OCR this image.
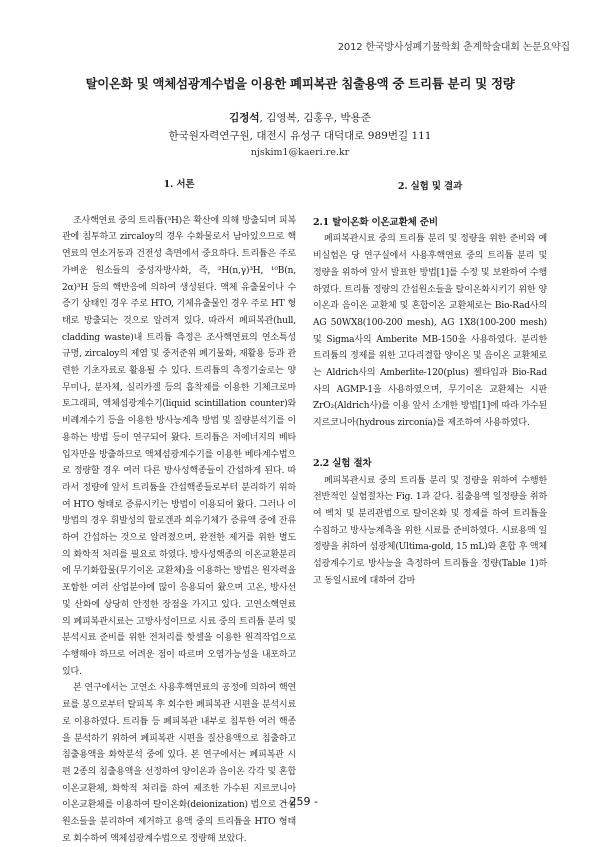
2012 한국방사성폐기물학회 춘계학술대회 논문요약집
탈이온화 및 액체섬광계수법을 이용한 폐피복관 침출용액 중 트리튬 분리 및 정량
김정석, 김영복, 김홍우, 박용준
한국원자력연구원, 대전시 유성구 대덕대로 989번길 111
njskim1@kaeri.re.kr
1. 서론

조사핵연료 중의 트리튬(³H)은 확산에 의해 방출되며 피복관에 침투하고 zircaloy의 경우 수화물로서 남아있으므로 핵연료의 연소거동과 건전성 측면에서 중요하다. 트리튬은 주로 가벼운 원소들의 중성자방사화, 즉, ²H(n,γ)³H, ¹⁰B(n, 2α)³H 등의 핵반응에 의하여 생성된다. 액체 유출물이나 수증기 상태인 경우 주로 HTO, 기체유출물인 경우 주로 HT 형태로 방출되는 것으로 알려져 있다. 따라서 폐피복관(hull, cladding waste)내 트리튬 측정은 조사핵연료의 연소특성 규명, zircaloy의 제염 및 중저준위 폐기물화, 재활용 등과 관련한 기초자료로 활용될 수 있다. 트리튬의 측정기술로는 양무미나, 분자체, 실리카겔 등의 흡착제를 이용한 기체크로마토그래피, 액체섬광계수기(liquid scintillation counter)와 비례계수기 등을 이용한 방사능계측 방법 및 질량분석기를 이용하는 방법 등이 연구되어 왔다. 트리튬은 저에너지의 베타입자만을 방출하므로 액체섬광계수기를 이용한 베타계수법으로 정량할 경우 여러 다른 방사성핵종들이 간섭하게 된다. 따라서 정량에 앞서 트리튬을 간섭핵종들로부터 분리하기 위하여 HTO 형태로 증류시키는 방법이 이용되어 왔다. 그러나 이 방법의 경우 휘발성의 할로겐과 희유기체가 증류액 중에 잔류하여 간섭하는 것으로 알려졌으며, 완전한 제거를 위한 별도의 화학적 처리를 필요로 하였다. 방사성핵종의 이온교환분리에 무기화합물(무기이온 교환체)을 이용하는 방법은 원자력을 포함한 여러 산업분야에 많이 응용되어 왔으며 고온, 방사선 및 산화에 상당히 안정한 장점을 가지고 있다. 고연소핵연료의 폐피복관시료는 고방사성이므로 시료 중의 트리튬 분리 및 분석시료 준비를 위한 전처리를 핫셀을 이용한 원격작업으로 수행해야 하므로 어려운 점이 따르며 오염가능성을 내포하고 있다.

본 연구에서는 고연소 사용후핵연료의 공정에 의하여 핵연료를 봉으로부터 탈피복 후 회수한 폐피복관 시편을 분석시료로 이용하였다. 트리튬 등 폐피복관 내부로 침투한 여러 핵종을 분석하기 위하여 폐피복관 시편을 질산용액으로 침출하고 침출용액을 화학분석 중에 있다. 본 연구에서는 폐피복관 시편 2종의 침출용액을 선정하여 양이온과 음이온 각각 및 혼합 이온교환체, 화학적 처리를 하여 제조한 가수된 지르코니아 이온교환체를 이용하여 탈이온화(deionization) 법으로 간섭원소들을 분리하여 제거하고 용액 중의 트리튬을 HTO 형태로 회수하여 액체섬광계수법으로 정량해 보았다.

2. 실험 및 결과
2.1 탈이온화 이온교환체 준비

폐피복관시료 중의 트리튬 분리 및 정량을 위한 준비와 예비실험은 당 연구실에서 사용후핵연료 중의 트리튬 분리 및 정량을 위하여 앞서 발표한 방법[1]를 수정 및 보완하여 수행하였다. 트리튬 정량의 간섭원소들을 탈이온화시키기 위한 양이온과 음이온 교환체 및 혼합이온 교환체로는 Bio-Rad사의 AG 50WX8(100-200 mesh), AG 1X8(100-200 mesh) 및 Sigma사의 Amberite MB-150을 사용하였다. 분리한 트리튬의 정제를 위한 고다리결합 양이온 및 음이온 교환체로는 Aldrich사의 Amberlite-120(plus) 젤타입과 Bio-Rad사의 AGMP-1을 사용하였으며, 무기이온 교환체는 시판 ZrO₂(Aldrich사)를 이용 앞서 소개한 방법[1]에 따라 가수된 지르코니아(hydrous zirconia)를 제조하여 사용하였다.

2.2 실험 절차

폐피복관시료 중의 트리튬 분리 및 정량을 위하여 수행한 전반적인 실험절차는 Fig. 1과 같다. 침출용액 일정량을 취하여 벡치 및 분리관법으로 탈이온화 및 정제를 하여 트리튬을 수집하고 방사능계측을 위한 시료를 준비하였다. 시료용액 일정량을 취하여 섬광체(Ultima-gold, 15 mL)와 혼합 후 액체섬광계수기로 방사능을 측정하여 트리튬을 정량(Table 1)하고 동일시료에 대하여 감마

- 259 -
